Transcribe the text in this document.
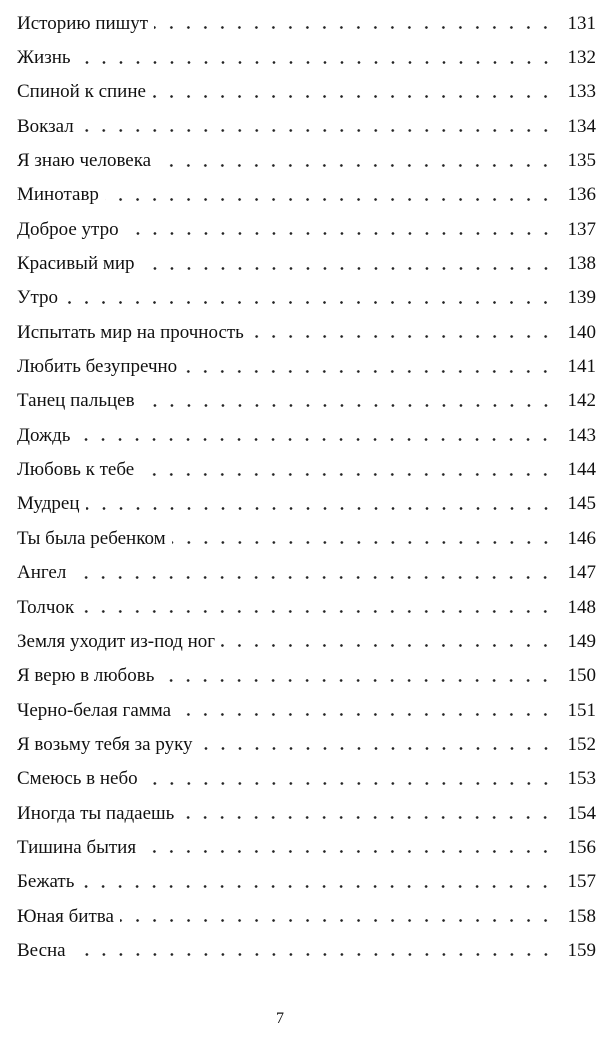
Историю пишут	131
Жизнь	132
Спиной к спине	133
Вокзал	134
Я знаю человека	135
Минотавр	136
Доброе утро	137
Красивый мир	138
Утро	139
Испытать мир на прочность	140
Любить безупречно	141
Танец пальцев	142
Дождь	143
Любовь к тебе	144
Мудрец	145
Ты была ребенком	146
Ангел	147
Толчок	148
Земля уходит из-под ног	149
Я верю в любовь	150
Черно-белая гамма	151
Я возьму тебя за руку	152
Смеюсь в небо	153
Иногда ты падаешь	154
Тишина бытия	156
Бежать	157
Юная битва	158
Весна	159
7
